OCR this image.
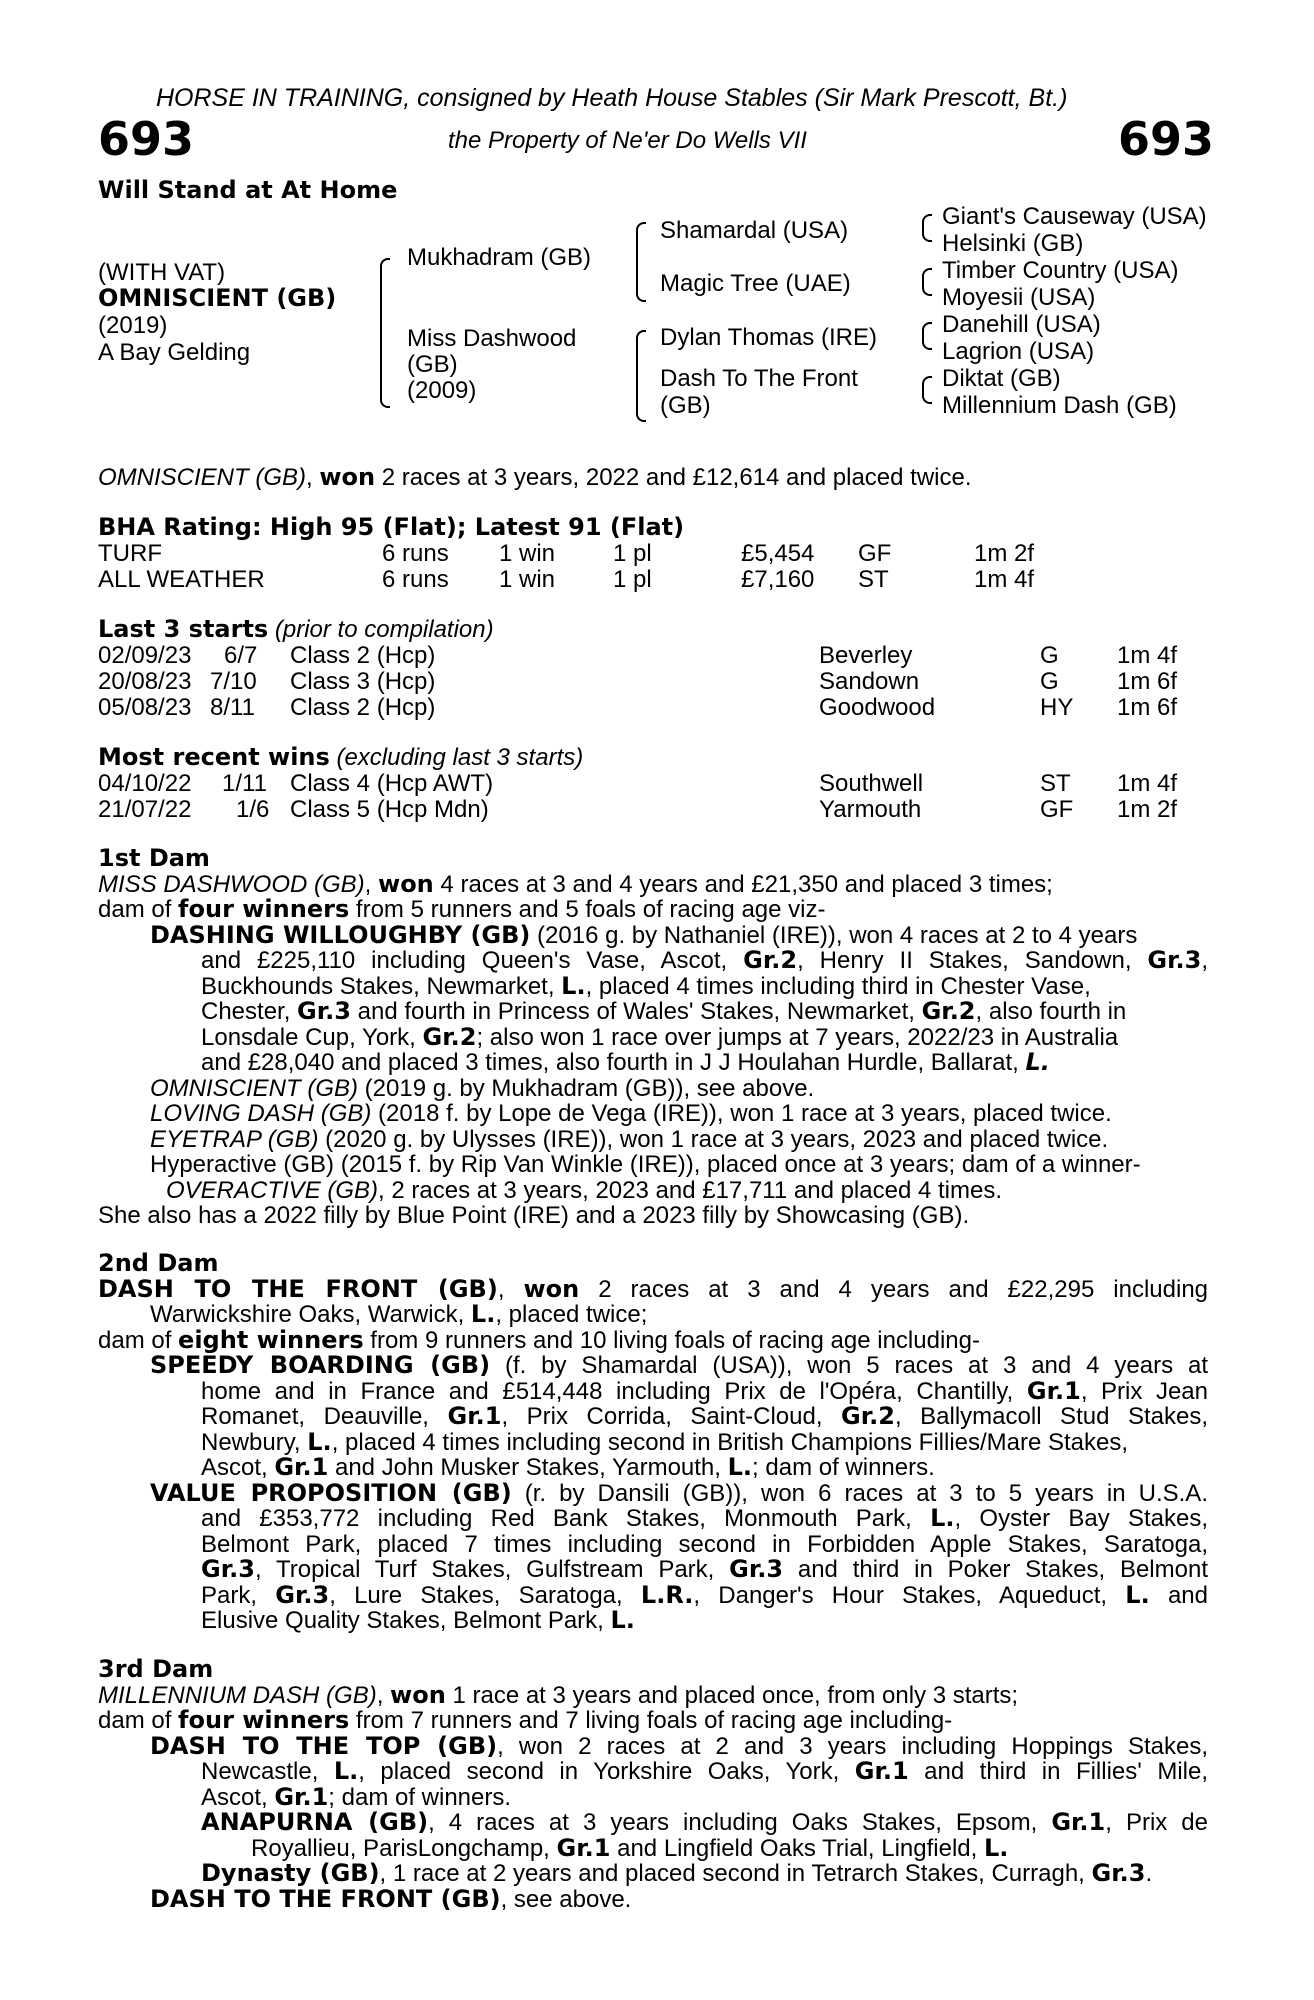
HORSE IN TRAINING, consigned by Heath House Stables (Sir Mark Prescott, Bt.)
693	the Property of Ne'er Do Wells VII	693
Will Stand at At Home
(WITH VAT)
OMNISCIENT (GB)
(2019)
A Bay Gelding
Mukhadram (GB)
Miss Dashwood
(GB)
(2009)
Shamardal (USA)
Magic Tree (UAE)
Dylan Thomas (IRE)
Dash To The Front
(GB)
Giant's Causeway (USA)
Helsinki (GB)
Timber Country (USA)
Moyesii (USA)
Danehill (USA)
Lagrion (USA)
Diktat (GB)
Millennium Dash (GB)
OMNISCIENT (GB), won 2 races at 3 years, 2022 and £12,614 and placed twice.
BHA Rating: High 95 (Flat); Latest 91 (Flat)
TURF	6 runs 1 win 1 pl	£5,454 GF	1m 2f
ALL WEATHER	6 runs 1 win 1 pl	£7,160 ST	1m 4f
Last 3 starts (prior to compilation)
02/09/23 6/7 Class 2 (Hcp)	Beverley	G 1m 4f
20/08/23 7/10 Class 3 (Hcp)	Sandown	G 1m 6f
05/08/23 8/11 Class 2 (Hcp)	Goodwood	HY 1m 6f
Most recent wins (excluding last 3 starts)
04/10/22 1/11 Class 4 (Hcp AWT)	Southwell	ST 1m 4f
21/07/22 1/6 Class 5 (Hcp Mdn)	Yarmouth	GF 1m 2f
1st Dam
MISS DASHWOOD (GB), won 4 races at 3 and 4 years and £21,350 and placed 3 times;
dam of four winners from 5 runners and 5 foals of racing age viz-
DASHING WILLOUGHBY (GB) (2016 g. by Nathaniel (IRE)), won 4 races at 2 to 4 years
and £225,110 including Queen's Vase, Ascot, Gr.2, Henry II Stakes, Sandown, Gr.3,
Buckhounds Stakes, Newmarket, L., placed 4 times including third in Chester Vase,
Chester, Gr.3 and fourth in Princess of Wales' Stakes, Newmarket, Gr.2, also fourth in
Lonsdale Cup, York, Gr.2; also won 1 race over jumps at 7 years, 2022/23 in Australia
and £28,040 and placed 3 times, also fourth in J J Houlahan Hurdle, Ballarat, L.
OMNISCIENT (GB) (2019 g. by Mukhadram (GB)), see above.
LOVING DASH (GB) (2018 f. by Lope de Vega (IRE)), won 1 race at 3 years, placed twice.
EYETRAP (GB) (2020 g. by Ulysses (IRE)), won 1 race at 3 years, 2023 and placed twice.
Hyperactive (GB) (2015 f. by Rip Van Winkle (IRE)), placed once at 3 years; dam of a winner-
OVERACTIVE (GB), 2 races at 3 years, 2023 and £17,711 and placed 4 times.
She also has a 2022 filly by Blue Point (IRE) and a 2023 filly by Showcasing (GB).
2nd Dam
DASH TO THE FRONT (GB), won 2 races at 3 and 4 years and £22,295 including
Warwickshire Oaks, Warwick, L., placed twice;
dam of eight winners from 9 runners and 10 living foals of racing age including-
SPEEDY BOARDING (GB) (f. by Shamardal (USA)), won 5 races at 3 and 4 years at
home and in France and £514,448 including Prix de l'Opéra, Chantilly, Gr.1, Prix Jean
Romanet, Deauville, Gr.1, Prix Corrida, Saint-Cloud, Gr.2, Ballymacoll Stud Stakes,
Newbury, L., placed 4 times including second in British Champions Fillies/Mare Stakes,
Ascot, Gr.1 and John Musker Stakes, Yarmouth, L.; dam of winners.
VALUE PROPOSITION (GB) (r. by Dansili (GB)), won 6 races at 3 to 5 years in U.S.A.
and £353,772 including Red Bank Stakes, Monmouth Park, L., Oyster Bay Stakes,
Belmont Park, placed 7 times including second in Forbidden Apple Stakes, Saratoga,
Gr.3, Tropical Turf Stakes, Gulfstream Park, Gr.3 and third in Poker Stakes, Belmont
Park, Gr.3, Lure Stakes, Saratoga, L.R., Danger's Hour Stakes, Aqueduct, L. and
Elusive Quality Stakes, Belmont Park, L.
3rd Dam
MILLENNIUM DASH (GB), won 1 race at 3 years and placed once, from only 3 starts;
dam of four winners from 7 runners and 7 living foals of racing age including-
DASH TO THE TOP (GB), won 2 races at 2 and 3 years including Hoppings Stakes,
Newcastle, L., placed second in Yorkshire Oaks, York, Gr.1 and third in Fillies' Mile,
Ascot, Gr.1; dam of winners.
ANAPURNA (GB), 4 races at 3 years including Oaks Stakes, Epsom, Gr.1, Prix de
Royallieu, ParisLongchamp, Gr.1 and Lingfield Oaks Trial, Lingfield, L.
Dynasty (GB), 1 race at 2 years and placed second in Tetrarch Stakes, Curragh, Gr.3.
DASH TO THE FRONT (GB), see above.
